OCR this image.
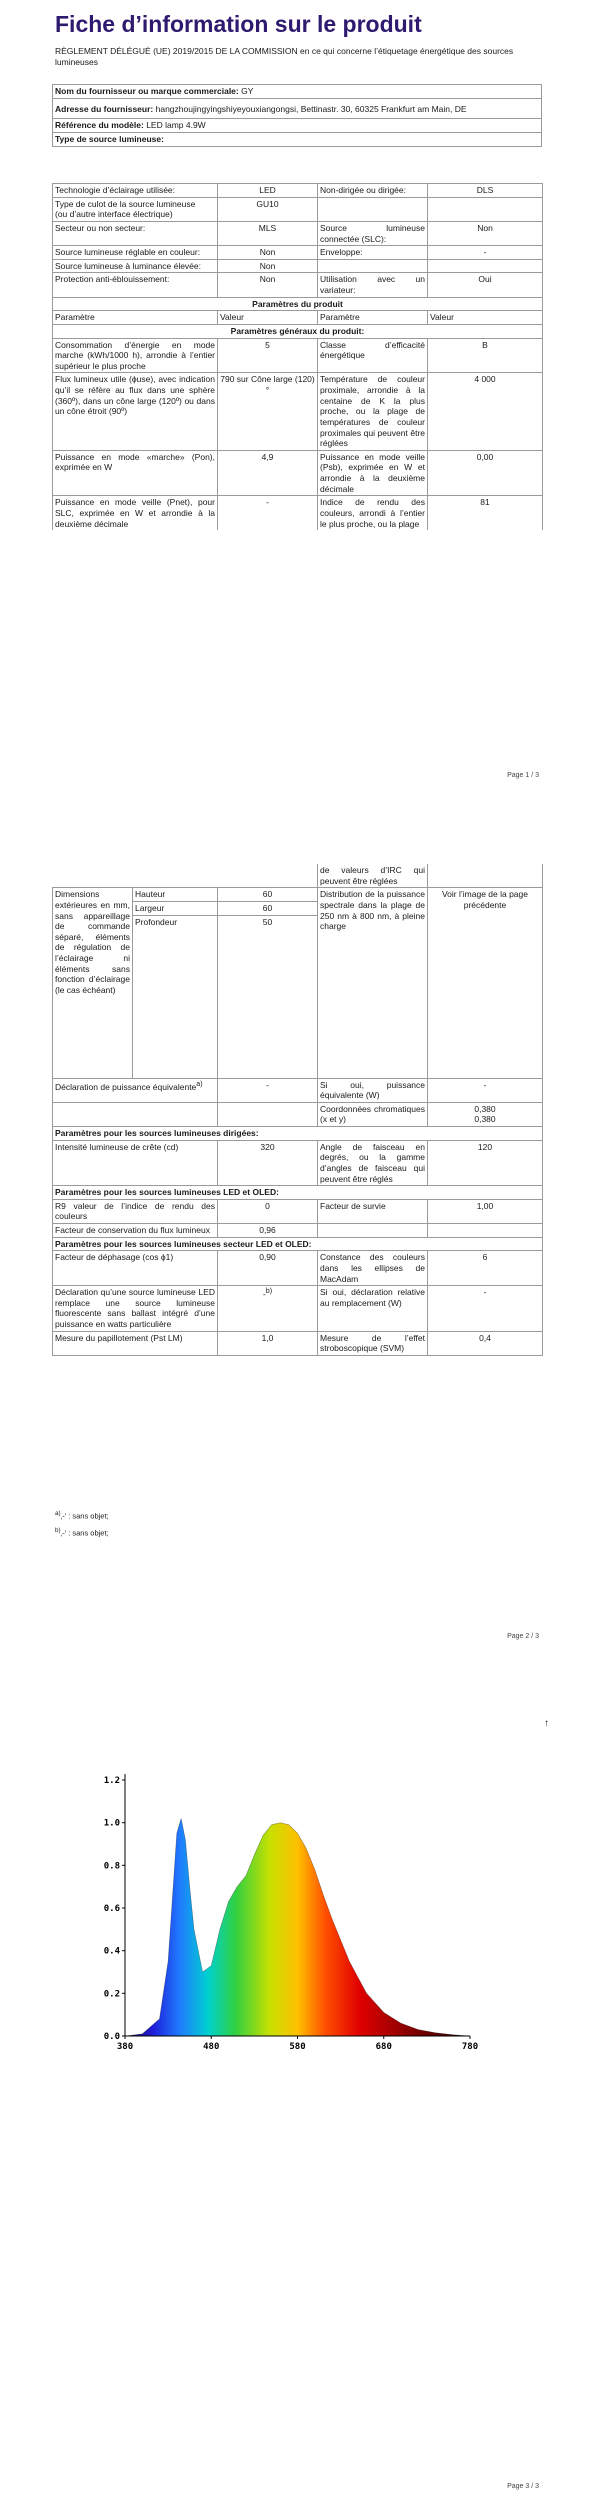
Fiche d’information sur le produit
RÈGLEMENT DÉLÉGUÉ (UE) 2019/2015 DE LA COMMISSION en ce qui concerne l’étiquetage énergétique des sources lumineuses
Nom du fournisseur ou marque commerciale: GY
Adresse du fournisseur: hangzhoujingyingshiyeyouxiangongsi, Bettinastr. 30, 60325 Frankfurt am Main, DE
Référence du modèle: LED lamp 4.9W
Type de source lumineuse:
Technologie d’éclairage utilisée:	LED	Non-dirigée ou dirigée:	DLS

Type de culot de la source lumineuse
(ou d’autre interface électrique)	GU10		
Secteur ou non secteur:	MLS	Source lumineuse connectée (SLC):	Non
Source lumineuse réglable en couleur:	Non	Enveloppe:	-
Source lumineuse à luminance élevée:	Non		
Protection anti-éblouissement:	Non	Utilisation avec un variateur:	Oui
Paramètres du produit			
Paramètre	Valeur	Paramètre	Valeur
Paramètres généraux du produit:			
Consommation d’énergie en mode marche (kWh/1000 h), arrondie à l’entier supérieur le plus proche	5	Classe d’efficacité énergétique	B
Flux lumineux utile (ϕuse), avec indication qu’il se réfère au flux dans une sphère (360º), dans un cône large (120º) ou dans un cône étroit (90º)	790 sur Cône large (120)°	Température de couleur proximale, arrondie à la centaine de K la plus proche, ou la plage de températures de couleur proximales qui peuvent être réglées	4 000
Puissance en mode «marche» (Pon), exprimée en W	4,9	Puissance en mode veille (Psb), exprimée en W et arrondie à la deuxième décimale	0,00
Puissance en mode veille (Pnet), pour SLC, exprimée en W et arrondie à la deuxième décimale	-	Indice de rendu des couleurs, arrondi à l’entier le plus proche, ou la plage	81
Page 1 / 3
			de valeurs d’IRC qui peuvent être réglées	
Dimensions extérieures en mm, sans appareillage de commande séparé, éléments de régulation de l’éclairage ni éléments sans fonction d’éclairage (le cas échéant)	Hauteur	60	Distribution de la puissance spectrale dans la plage de 250 nm à 800 nm, à pleine charge	Voir l’image de la page précédente
	Largeur	60		
	Profondeur	50		
Déclaration de puissance équivalente$^{a)}$		-	Si oui, puissance équivalente (W)	-
			Coordonnées chromatiques (x et y)	0,380
0,380

Paramètres pour les sources lumineuses dirigées:				
Intensité lumineuse de crête (cd)		320	Angle de faisceau en degrés, ou la gamme d’angles de faisceau qui peuvent être réglés	120
Paramètres pour les sources lumineuses LED et OLED:				
R9 valeur de l’indice de rendu des couleurs		0	Facteur de survie	1,00
Facteur de conservation du flux lumineux		0,96		
Paramètres pour les sources lumineuses secteur LED et OLED:				
Facteur de déphasage (cos ϕ1)		0,90	Constance des couleurs dans les ellipses de MacAdam	6
Déclaration qu’une source lumineuse LED remplace une source lumineuse fluorescente sans ballast intégré d’une puissance en watts particulière		-$^{b)}$	Si oui, déclaration relative au remplacement (W)	-
Mesure du papillotement (Pst LM)		1,0	Mesure de l’effet stroboscopique (SVM)	0,4
$^{a)}$‚-’ : sans objet;
$^{b)}$‚-’ : sans objet;
Page 2 / 3
↑
0.0
0.2
0.4
0.6
0.8
1.0
1.2
380	480	580	680	780
Page 3 / 3
